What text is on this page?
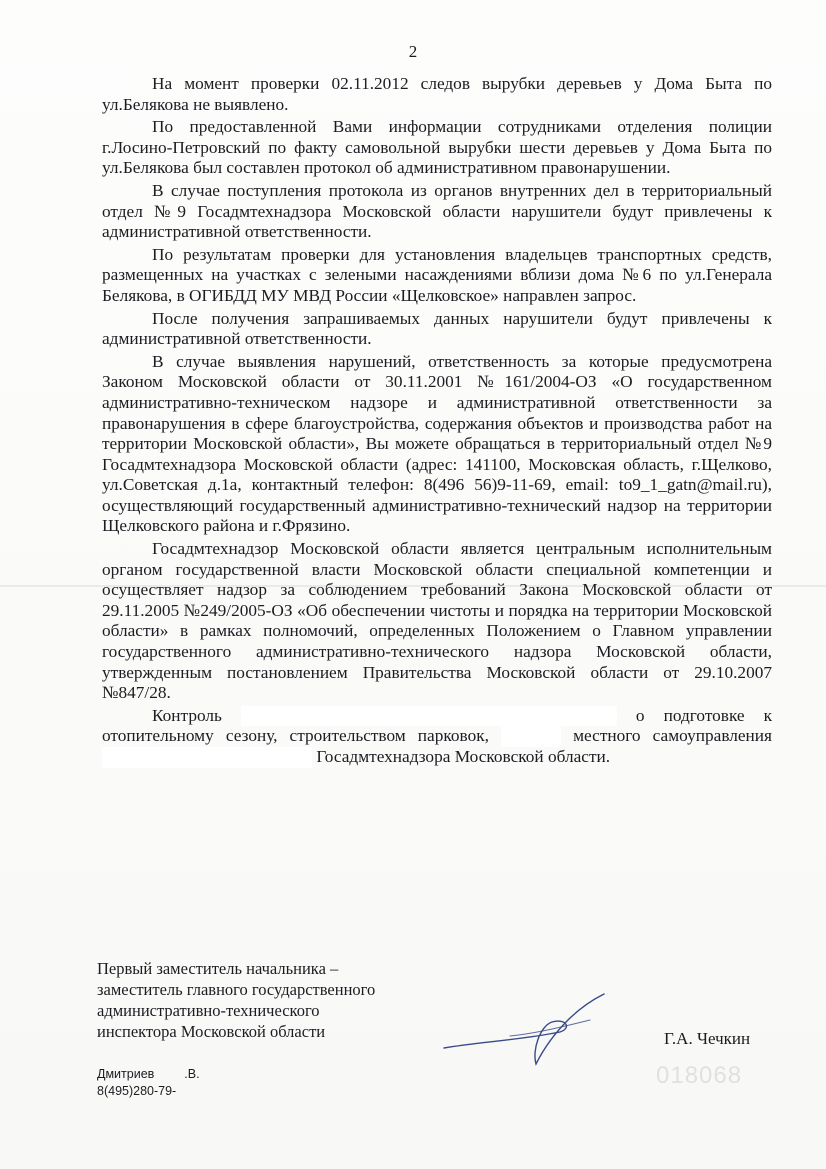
2

На момент проверки 02.11.2012 следов вырубки деревьев у Дома Быта по ул.Белякова не выявлено.

По предоставленной Вами информации сотрудниками отделения полиции г.Лосино-Петровский по факту самовольной вырубки шести деревьев у Дома Быта по ул.Белякова был составлен протокол об административном правонарушении.

В случае поступления протокола из органов внутренних дел в территориальный отдел №9 Госадмтехнадзора Московской области нарушители будут привлечены к административной ответственности.

По результатам проверки для установления владельцев транспортных средств, размещенных на участках с зелеными насаждениями вблизи дома №6 по ул.Генерала Белякова, в ОГИБДД МУ МВД России «Щелковское» направлен запрос.

После получения запрашиваемых данных нарушители будут привлечены к административной ответственности.

В случае выявления нарушений, ответственность за которые предусмотрена Законом Московской области от 30.11.2001 №161/2004-ОЗ «О государственном административно-техническом надзоре и административной ответственности за правонарушения в сфере благоустройства, содержания объектов и производства работ на территории Московской области», Вы можете обращаться в территориальный отдел №9 Госадмтехнадзора Московской области (адрес: 141100, Московская область, г.Щелково, ул.Советская д.1а, контактный телефон: 8(496 56)9-11-69, email: to9_1_gatn@mail.ru), осуществляющий государственный административно-технический надзор на территории Щелковского района и г.Фрязино.

Госадмтехнадзор Московской области является центральным исполнительным органом государственной власти Московской области специальной компетенции и осуществляет надзор за соблюдением требований Закона Московской области от 29.11.2005 №249/2005-ОЗ «Об обеспечении чистоты и порядка на территории Московской области» в рамках полномочий, определенных Положением о Главном управлении государственного административно-технического надзора Московской области, утвержденным постановлением Правительства Московской области от 29.10.2007 №847/28.

Контроль	о подготовке к отопительному сезону, строительством парковок,	местного самоуправления  Госадмтехнадзора Московской области.

Первый заместитель начальника –
заместитель главного государственного
административно-технического
инспектора Московской области	Г.А. Чечкин
Дмитриев .В.
8(495)280-79-
018068
